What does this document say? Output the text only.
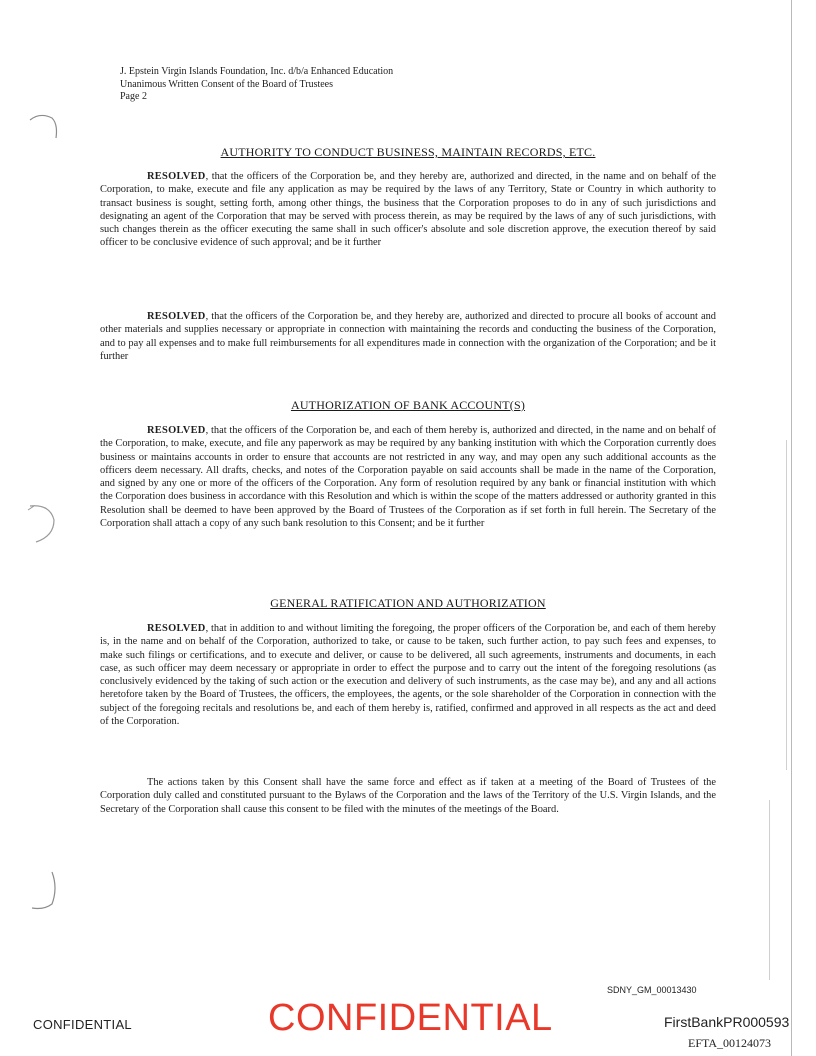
J. Epstein Virgin Islands Foundation, Inc. d/b/a Enhanced Education
Unanimous Written Consent of the Board of Trustees
Page 2
AUTHORITY TO CONDUCT BUSINESS, MAINTAIN RECORDS, ETC.
RESOLVED, that the officers of the Corporation be, and they hereby are, authorized and directed, in the name and on behalf of the Corporation, to make, execute and file any application as may be required by the laws of any Territory, State or Country in which authority to transact business is sought, setting forth, among other things, the business that the Corporation proposes to do in any of such jurisdictions and designating an agent of the Corporation that may be served with process therein, as may be required by the laws of any of such jurisdictions, with such changes therein as the officer executing the same shall in such officer's absolute and sole discretion approve, the execution thereof by said officer to be conclusive evidence of such approval; and be it further
RESOLVED, that the officers of the Corporation be, and they hereby are, authorized and directed to procure all books of account and other materials and supplies necessary or appropriate in connection with maintaining the records and conducting the business of the Corporation, and to pay all expenses and to make full reimbursements for all expenditures made in connection with the organization of the Corporation; and be it further
AUTHORIZATION OF BANK ACCOUNT(S)
RESOLVED, that the officers of the Corporation be, and each of them hereby is, authorized and directed, in the name and on behalf of the Corporation, to make, execute, and file any paperwork as may be required by any banking institution with which the Corporation currently does business or maintains accounts in order to ensure that accounts are not restricted in any way, and may open any such additional accounts as the officers deem necessary. All drafts, checks, and notes of the Corporation payable on said accounts shall be made in the name of the Corporation, and signed by any one or more of the officers of the Corporation. Any form of resolution required by any bank or financial institution with which the Corporation does business in accordance with this Resolution and which is within the scope of the matters addressed or authority granted in this Resolution shall be deemed to have been approved by the Board of Trustees of the Corporation as if set forth in full herein. The Secretary of the Corporation shall attach a copy of any such bank resolution to this Consent; and be it further
GENERAL RATIFICATION AND AUTHORIZATION
RESOLVED, that in addition to and without limiting the foregoing, the proper officers of the Corporation be, and each of them hereby is, in the name and on behalf of the Corporation, authorized to take, or cause to be taken, such further action, to pay such fees and expenses, to make such filings or certifications, and to execute and deliver, or cause to be delivered, all such agreements, instruments and documents, in each case, as such officer may deem necessary or appropriate in order to effect the purpose and to carry out the intent of the foregoing resolutions (as conclusively evidenced by the taking of such action or the execution and delivery of such instruments, as the case may be), and any and all actions heretofore taken by the Board of Trustees, the officers, the employees, the agents, or the sole shareholder of the Corporation in connection with the subject of the foregoing recitals and resolutions be, and each of them hereby is, ratified, confirmed and approved in all respects as the act and deed of the Corporation.
The actions taken by this Consent shall have the same force and effect as if taken at a meeting of the Board of Trustees of the Corporation duly called and constituted pursuant to the Bylaws of the Corporation and the laws of the Territory of the U.S. Virgin Islands, and the Secretary of the Corporation shall cause this consent to be filed with the minutes of the meetings of the Board.
CONFIDENTIAL	CONFIDENTIAL
SDNY_GM_00013430
FirstBankPR000593
EFTA_00124073
